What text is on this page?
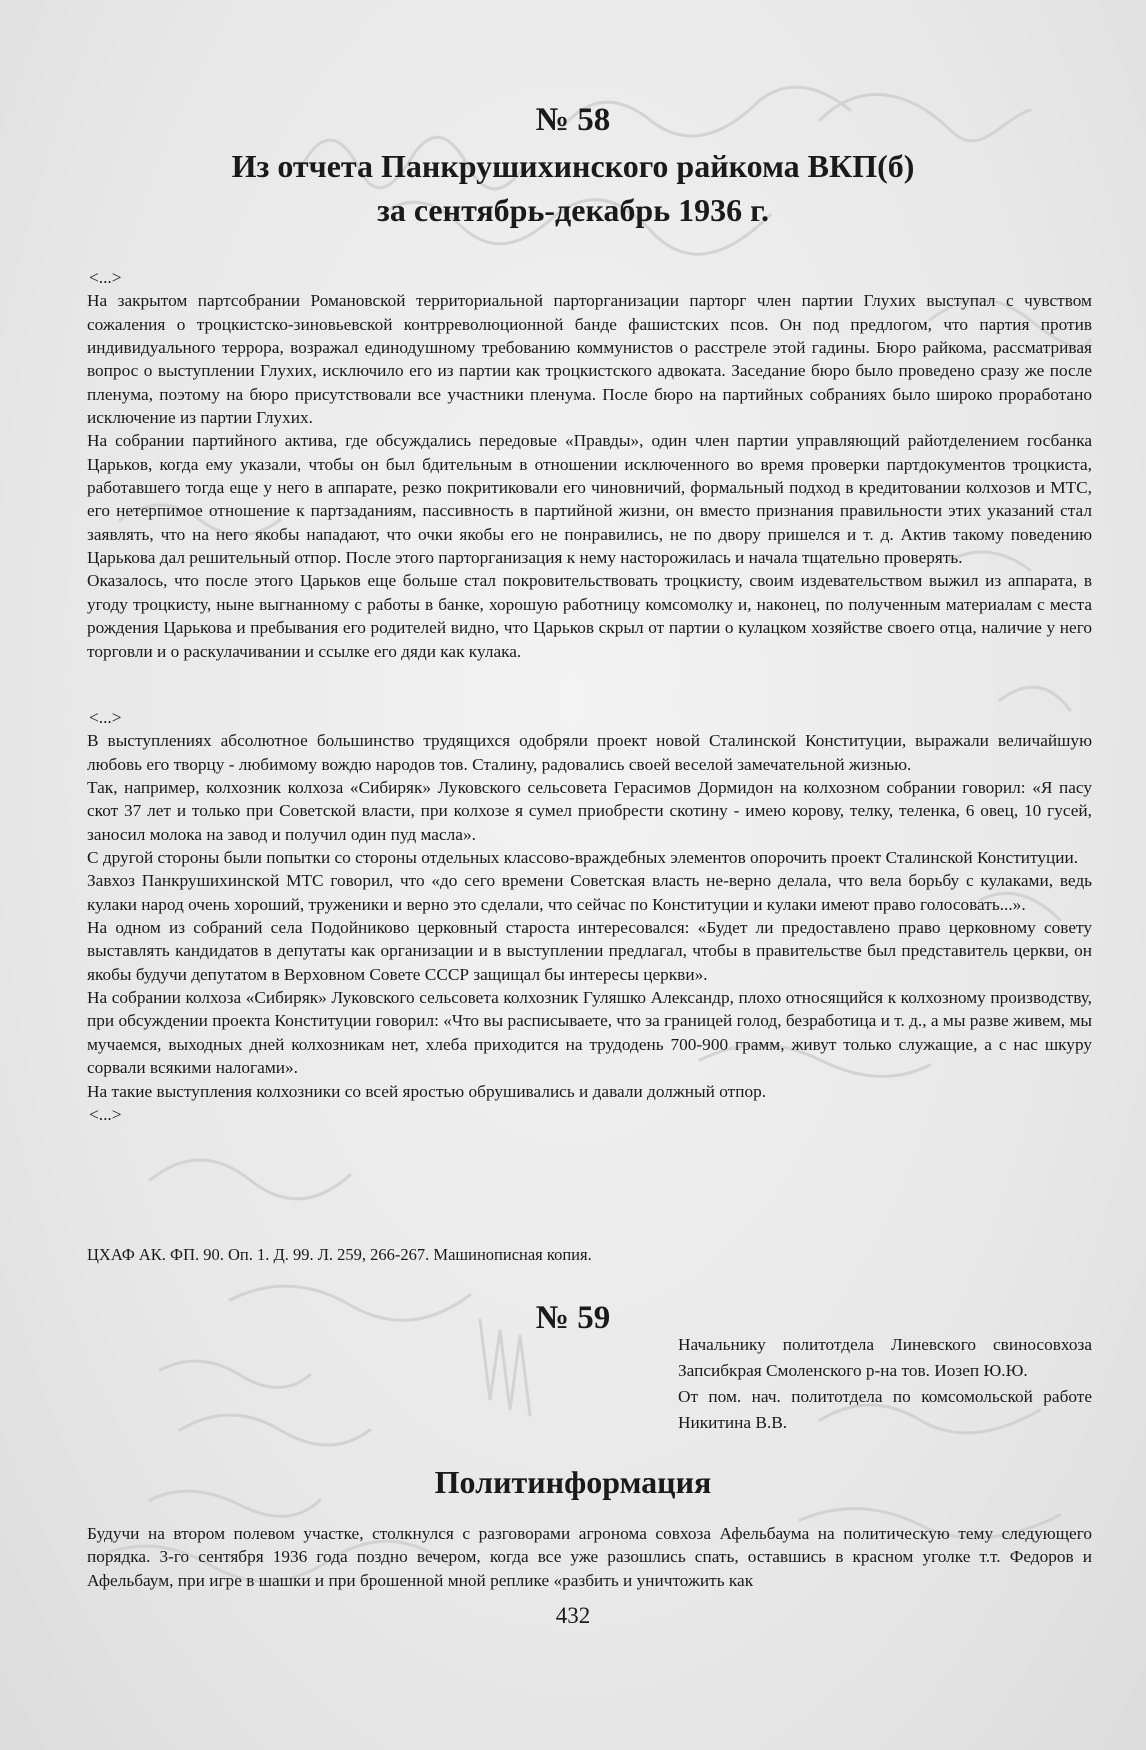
№ 58
Из отчета Панкрушихинского райкома ВКП(б)
за сентябрь-декабрь 1936 г.

<...>

На закрытом партсобрании Романовской территориальной парторганизации парторг член партии Глухих выступал с чувством сожаления о троцкистско-зиновьевской контрреволюционной банде фашистских псов. Он под предлогом, что партия против индивидуального террора, возражал единодушному требованию коммунистов о расстреле этой гадины. Бюро райкома, рассматривая вопрос о выступлении Глухих, исключило его из партии как троцкистского адвоката. Заседание бюро было проведено сразу же после пленума, поэтому на бюро присутствовали все участники пленума. После бюро на партийных собраниях было широко проработано исключение из партии Глухих.

На собрании партийного актива, где обсуждались передовые «Правды», один член партии управляющий райотделением госбанка Царьков, когда ему указали, чтобы он был бдительным в отношении исключенного во время проверки партдокументов троцкиста, работавшего тогда еще у него в аппарате, резко покритиковали его чиновничий, формальный подход в кредитовании колхозов и МТС, его нетерпимое отношение к партзаданиям, пассивность в партийной жизни, он вместо признания правильности этих указаний стал заявлять, что на него якобы нападают, что очки якобы его не понравились, не по двору пришелся и т. д. Актив такому поведению Царькова дал решительный отпор. После этого парторганизация к нему насторожилась и начала тщательно проверять.

Оказалось, что после этого Царьков еще больше стал покровительствовать троцкисту, своим издевательством выжил из аппарата, в угоду троцкисту, ныне выгнанному с работы в банке, хорошую работницу комсомолку и, наконец, по полученным материалам с места рождения Царькова и пребывания его родителей видно, что Царьков скрыл от партии о кулацком хозяйстве своего отца, наличие у него торговли и о раскулачивании и ссылке его дяди как кулака.

<...>

В выступлениях абсолютное большинство трудящихся одобряли проект новой Сталинской Конституции, выражали величайшую любовь его творцу - любимому вождю народов тов. Сталину, радовались своей веселой замечательной жизнью.

Так, например, колхозник колхоза «Сибиряк» Луковского сельсовета Герасимов Дормидон на колхозном собрании говорил: «Я пасу скот 37 лет и только при Советской власти, при колхозе я сумел приобрести скотину - имею корову, телку, теленка, 6 овец, 10 гусей, заносил молока на завод и получил один пуд масла».

С другой стороны были попытки со стороны отдельных классово-враждебных элементов опорочить проект Сталинской Конституции.

Завхоз Панкрушихинской МТС говорил, что «до сего времени Советская власть не-верно делала, что вела борьбу с кулаками, ведь кулаки народ очень хороший, труженики и верно это сделали, что сейчас по Конституции и кулаки имеют право голосовать...».

На одном из собраний села Подойниково церковный староста интересовался: «Будет ли предоставлено право церковному совету выставлять кандидатов в депутаты как организации и в выступлении предлагал, чтобы в правительстве был представитель церкви, он якобы будучи депутатом в Верховном Совете СССР защищал бы интересы церкви».

На собрании колхоза «Сибиряк» Луковского сельсовета колхозник Гуляшко Александр, плохо относящийся к колхозному производству, при обсуждении проекта Конституции говорил: «Что вы расписываете, что за границей голод, безработица и т. д., а мы разве живем, мы мучаемся, выходных дней колхозникам нет, хлеба приходится на трудодень 700-900 грамм, живут только служащие, а с нас шкуру сорвали всякими налогами».

На такие выступления колхозники со всей яростью обрушивались и давали должный отпор.

<...>

ЦХАФ АК. ФП. 90. Оп. 1. Д. 99. Л. 259, 266-267. Машинописная копия.
№ 59

Начальнику политотдела Линевского свиносовхоза Запсибкрая Смоленского р-на тов. Иозеп Ю.Ю.

От пом. нач. политотдела по комсомольской работе Никитина В.В.

Политинформация

Будучи на втором полевом участке, столкнулся с разговорами агронома совхоза Афельбаума на политическую тему следующего порядка. 3-го сентября 1936 года поздно вечером, когда все уже разошлись спать, оставшись в красном уголке т.т. Федоров и Афельбаум, при игре в шашки и при брошенной мной реплике «разбить и уничтожить как

432
